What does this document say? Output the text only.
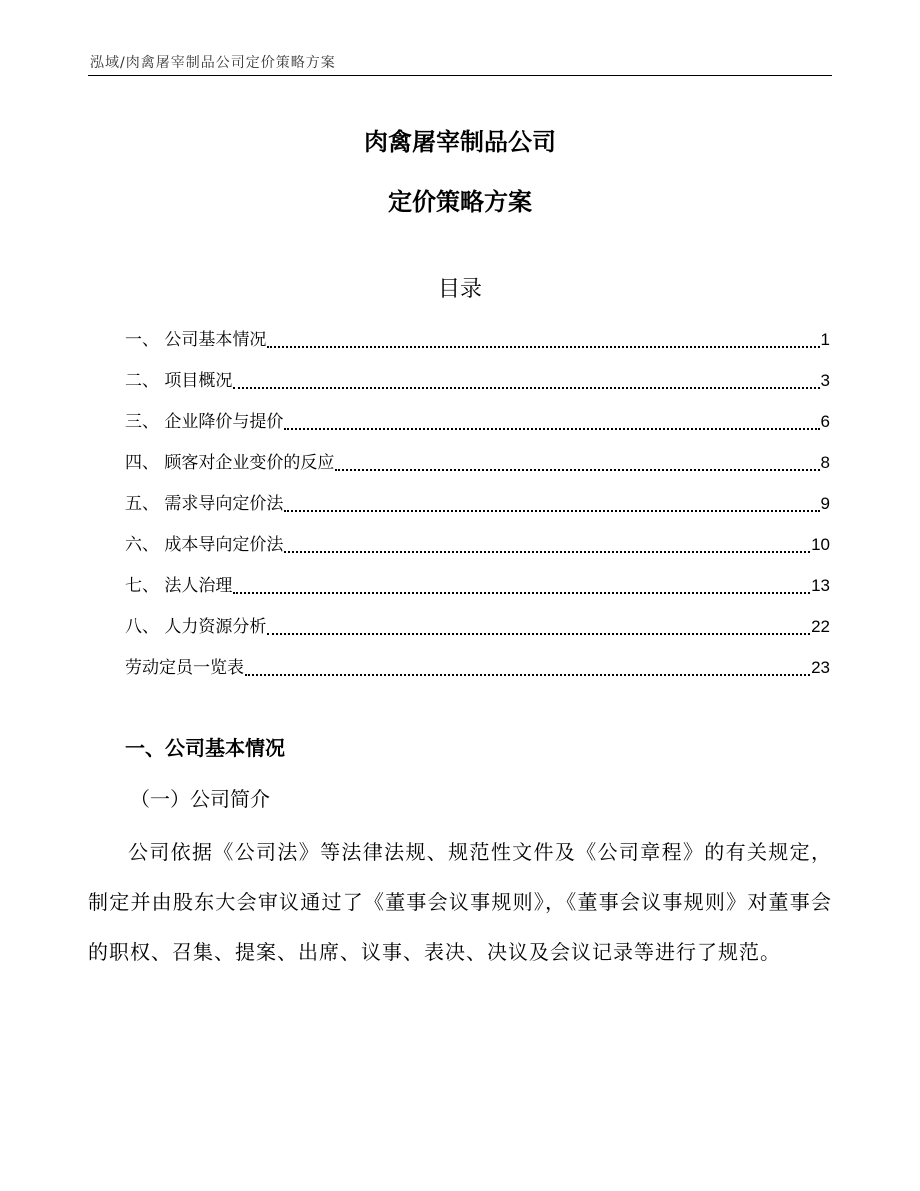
泓域/肉禽屠宰制品公司定价策略方案
肉禽屠宰制品公司
定价策略方案
目录
一、 公司基本情况	1
二、 项目概况	3
三、 企业降价与提价	6
四、 顾客对企业变价的反应	8
五、 需求导向定价法	9
六、 成本导向定价法	10
七、 法人治理	13
八、 人力资源分析	22
劳动定员一览表	23
一、公司基本情况
（一）公司简介

公司依据《公司法》等法律法规、规范性文件及《公司章程》的有关规定，制定并由股东大会审议通过了《董事会议事规则》，《董事会议事规则》对董事会的职权、召集、提案、出席、议事、表决、决议及会议记录等进行了规范。
